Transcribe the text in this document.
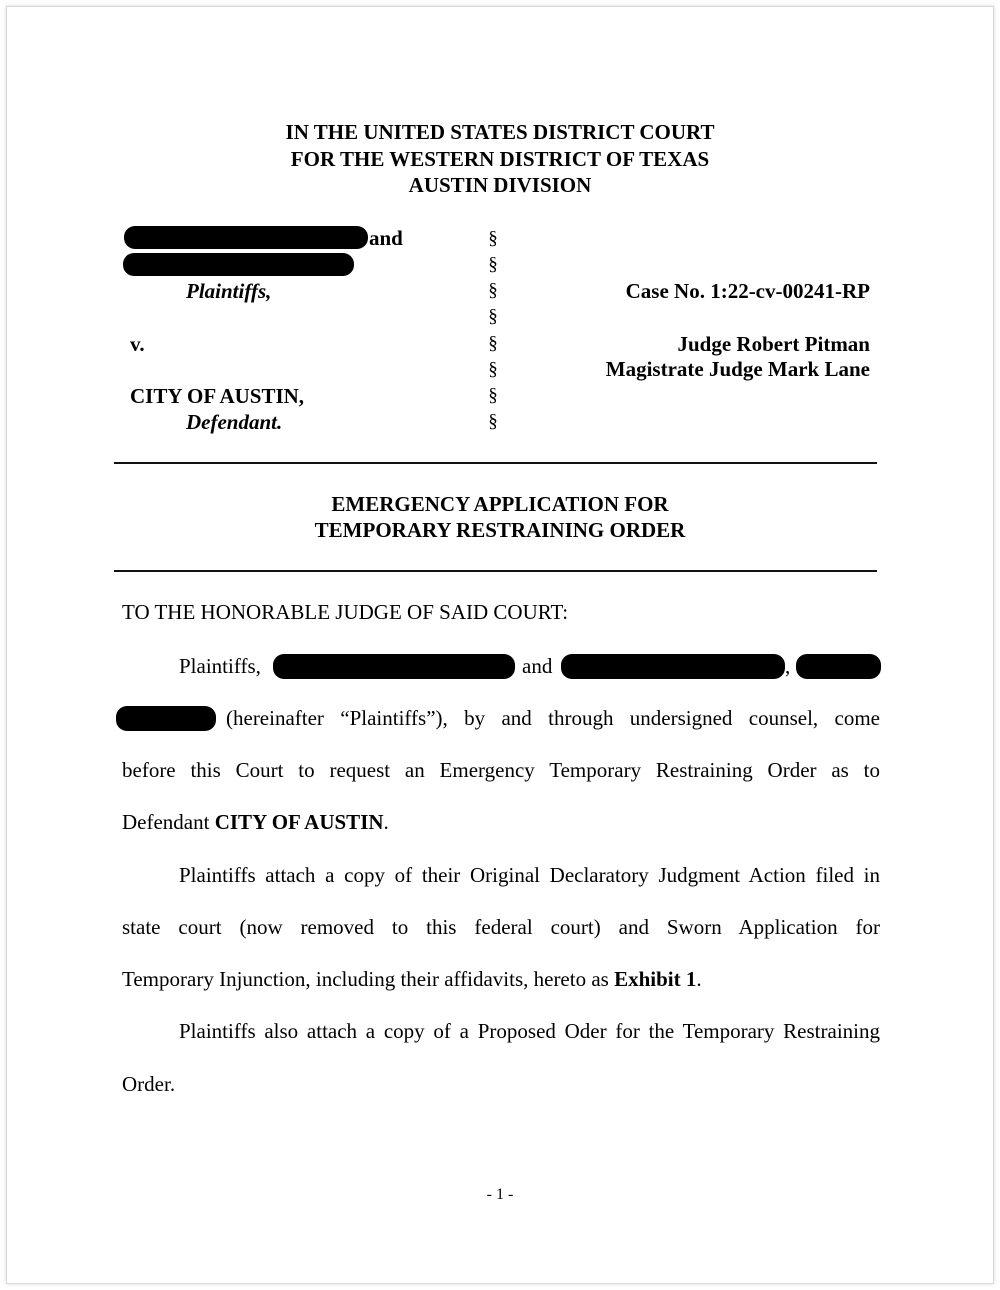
IN THE UNITED STATES DISTRICT COURT
FOR THE WESTERN DISTRICT OF TEXAS
AUSTIN DIVISION
and
Plaintiffs,
v.
CITY OF AUSTIN,
Defendant.
§
§
§
§
§
§
§
§
Case No. 1:22-cv-00241-RP
Judge Robert Pitman
Magistrate Judge Mark Lane
EMERGENCY APPLICATION FOR
TEMPORARY RESTRAINING ORDER
TO THE HONORABLE JUDGE OF SAID COURT:
Plaintiffs,	and	,
(hereinafter “Plaintiffs”), by and through undersigned counsel, come
before this Court to request an Emergency Temporary Restraining Order as to
Defendant CITY OF AUSTIN.
Plaintiffs attach a copy of their Original Declaratory Judgment Action filed in
state court (now removed to this federal court) and Sworn Application for
Temporary Injunction, including their affidavits, hereto as Exhibit 1.
Plaintiffs also attach a copy of a Proposed Oder for the Temporary Restraining
Order.
- 1 -
